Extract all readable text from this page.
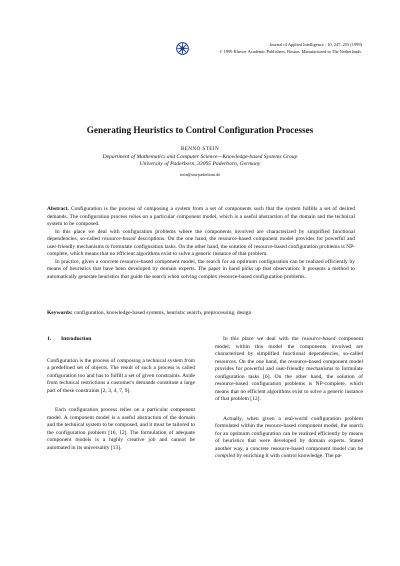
Journal of Applied Intelligence ; 10, 247–255 (1999)
© 1999 Kluwer Academic Publishers, Boston. Manufactured in The Netherlands.
Generating Heuristics to Control Configuration Processes
BENNO STEIN
Department of Mathematics and Computer Science—Knowledge-based Systems Group
University of Paderborn, 33095 Paderborn, Germany
stein@uni-paderborn.de

Abstract. Configuration is the process of composing a system from a set of components such that the system fulfills a set of desired demands. The configuration process relies on a particular component model, which is a useful abstraction of the domain and the technical system to be composed.

In this place we deal with configuration problems where the components involved are characterized by simplified functional dependencies, so-called resource-based descriptions. On the one hand, the resource-based component model provides for powerful and user-friendly mechanisms to formulate configuration tasks. On the other hand, the solution of resource-based configuration problems is NP-complete, which means that no efficient algorithms exist to solve a generic instance of that problem.

In practice, given a concrete resource-based component model, the search for an optimum configuration can be realized efficiently by means of heuristics that have been developed by domain experts. The paper in hand picks up that observation: It presents a method to automatically generate heuristics that guide the search when solving complex resource-based configuration problems.

Keywords: configuration, knowledge-based systems, heuristic search, preprocessing, design
1. Introduction

Configuration is the process of composing a technical system from a predefined set of objects. The result of such a process is called configuration too and has to fulfill a set of given constraints. Aside from technical restrictions a customer's demands constitute a large part of these constraints [2, 3, 4, 7, 9].

Each configuration process relies on a particular component model. A component model is a useful abstraction of the domain and the technical system to be composed, and it must be tailored to the configuration problem [16, 12]. The formulation of adequate component models is a highly creative job and cannot be automated in its universality [13].

In this place we deal with the resource-based component model; within this model the components involved are characterized by simplified functional dependencies, so-called resources. On the one hand, the resource-based component model provides for powerful and user-friendly mechanisms to formulate configuration tasks [6]. On the other hand, the solution of resource-based configuration problems is NP-complete, which means that no efficient algorithms exist to solve a generic instance of that problem [12].

Actually, when given a real-world configuration problem formulated within the resouce-based component model, the search for an optimum configuration can be realized efficiently by means of heuristics that were developed by domain experts. Stated another way, a concrete resource-based component model can be compiled by enriching it with control knowledge. The pa-
